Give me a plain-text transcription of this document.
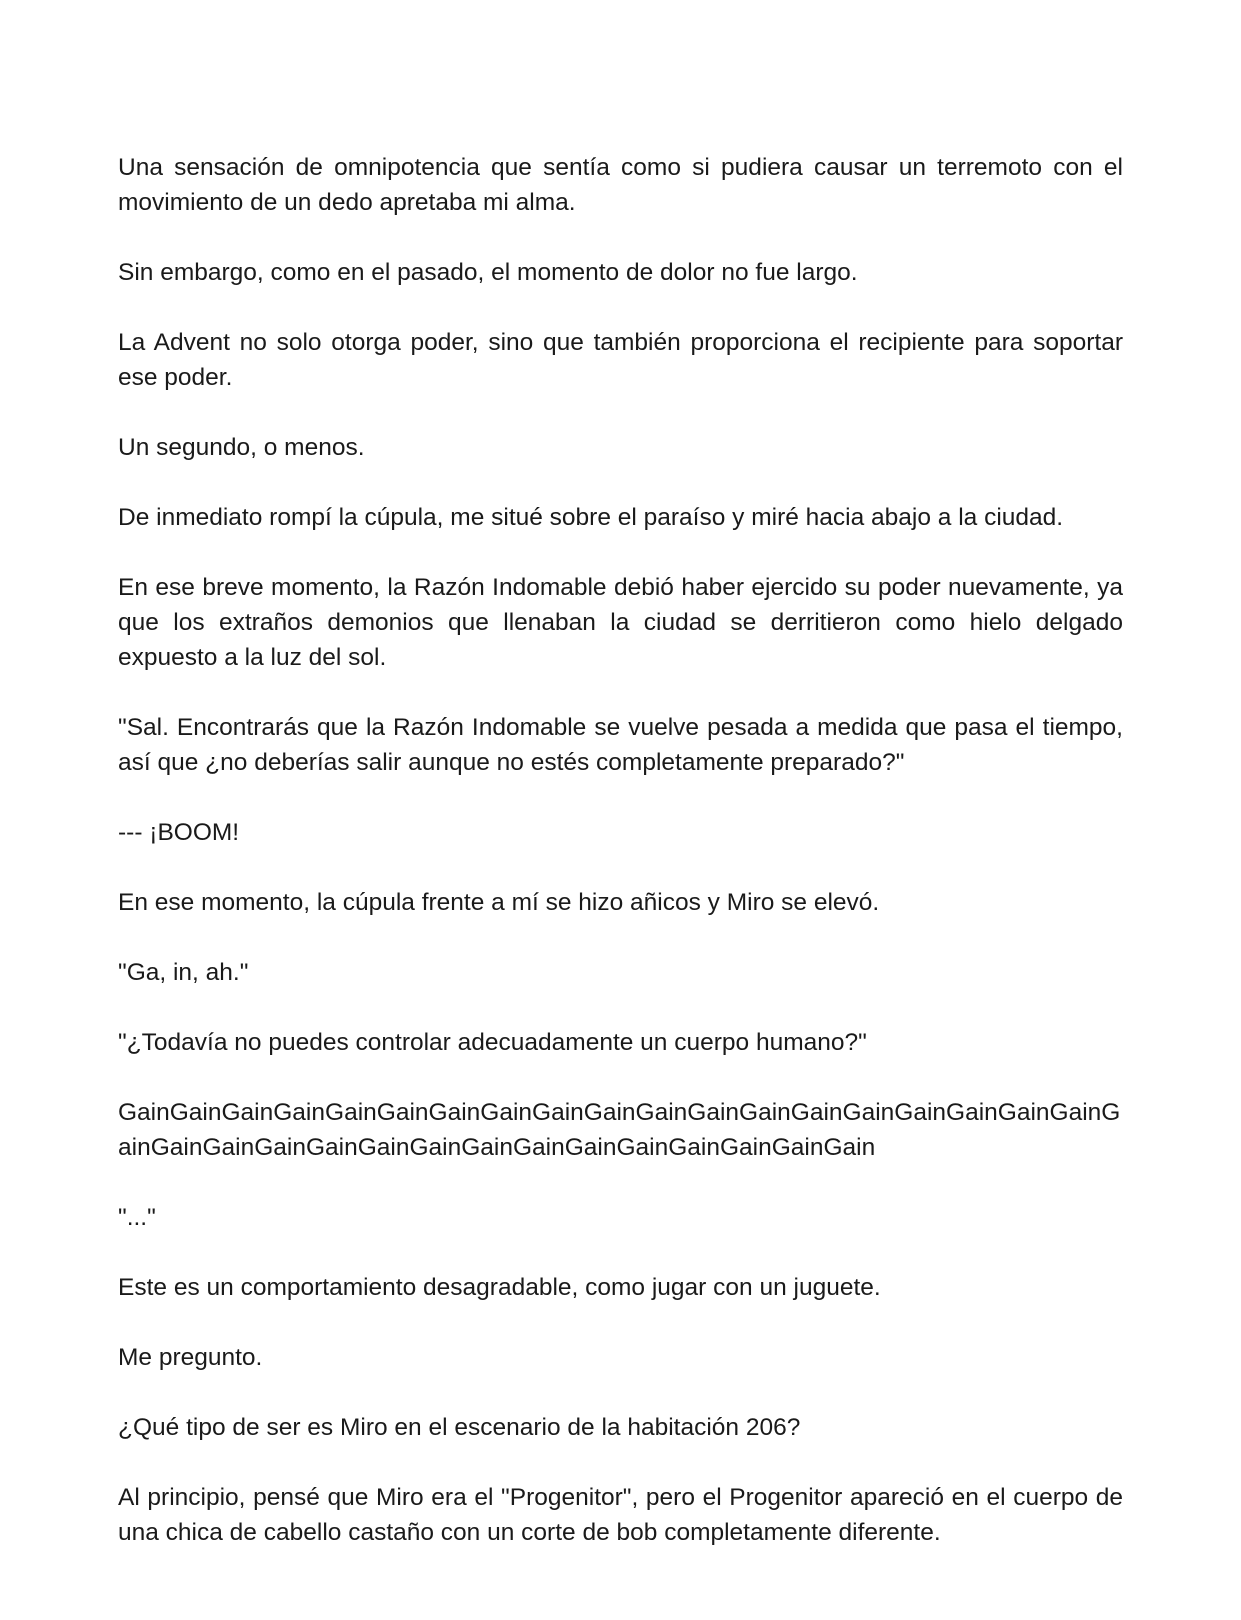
Una sensación de omnipotencia que sentía como si pudiera causar un terremoto con el movimiento de un dedo apretaba mi alma.

Sin embargo, como en el pasado, el momento de dolor no fue largo.

La Advent no solo otorga poder, sino que también proporciona el recipiente para soportar ese poder.

Un segundo, o menos.

De inmediato rompí la cúpula, me situé sobre el paraíso y miré hacia abajo a la ciudad.

En ese breve momento, la Razón Indomable debió haber ejercido su poder nuevamente, ya que los extraños demonios que llenaban la ciudad se derritieron como hielo delgado expuesto a la luz del sol.

"Sal. Encontrarás que la Razón Indomable se vuelve pesada a medida que pasa el tiempo, así que ¿no deberías salir aunque no estés completamente preparado?"

--- ¡BOOM!

En ese momento, la cúpula frente a mí se hizo añicos y Miro se elevó.

"Ga, in, ah."

"¿Todavía no puedes controlar adecuadamente un cuerpo humano?"

GainGainGainGainGainGainGainGainGainGainGainGainGainGainGainGainGainGainGainGainGainGainGainGainGainGainGainGainGainGainGainGainGainGain

"..."

Este es un comportamiento desagradable, como jugar con un juguete.

Me pregunto.

¿Qué tipo de ser es Miro en el escenario de la habitación 206?

Al principio, pensé que Miro era el "Progenitor", pero el Progenitor apareció en el cuerpo de una chica de cabello castaño con un corte de bob completamente diferente.
